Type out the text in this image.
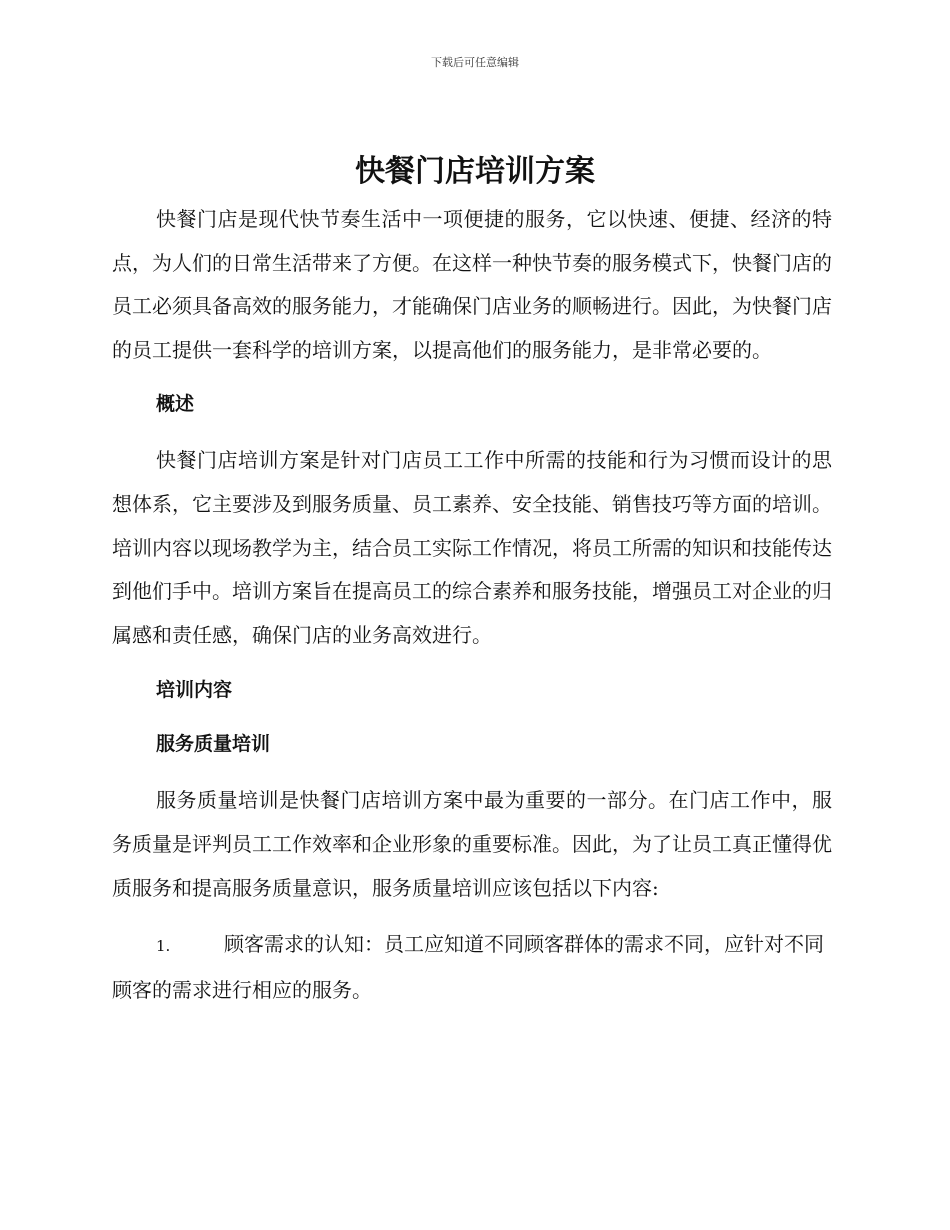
下载后可任意编辑
快餐门店培训方案

快餐门店是现代快节奏生活中一项便捷的服务，它以快速、便捷、经济的特点，为人们的日常生活带来了方便。在这样一种快节奏的服务模式下，快餐门店的员工必须具备高效的服务能力，才能确保门店业务的顺畅进行。因此，为快餐门店的员工提供一套科学的培训方案，以提高他们的服务能力，是非常必要的。

概述

快餐门店培训方案是针对门店员工工作中所需的技能和行为习惯而设计的思想体系，它主要涉及到服务质量、员工素养、安全技能、销售技巧等方面的培训。培训内容以现场教学为主，结合员工实际工作情况，将员工所需的知识和技能传达到他们手中。培训方案旨在提高员工的综合素养和服务技能，增强员工对企业的归属感和责任感，确保门店的业务高效进行。

培训内容
服务质量培训

服务质量培训是快餐门店培训方案中最为重要的一部分。在门店工作中，服务质量是评判员工工作效率和企业形象的重要标准。因此，为了让员工真正懂得优质服务和提高服务质量意识，服务质量培训应该包括以下内容:

1.	顾客需求的认知：员工应知道不同顾客群体的需求不同，应针对不同顾客的需求进行相应的服务。
